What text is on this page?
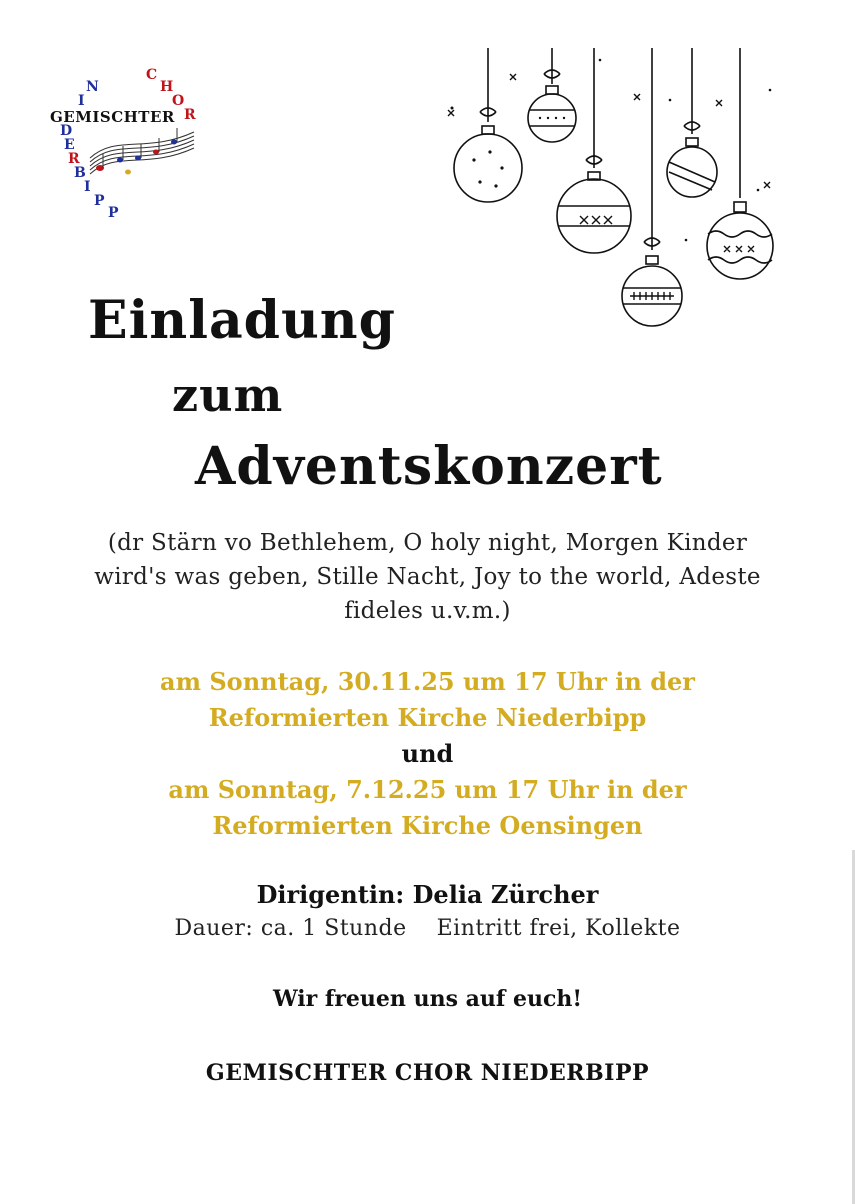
C
H
O
R
N
I
GEMISCHTER
D
E
R
B
I
P
P
Einladung
zum
Adventskonzert
(dr Stärn vo Bethlehem, O holy night, Morgen Kinder
wird's was geben, Stille Nacht, Joy to the world, Adeste
fideles u.v.m.)
am Sonntag, 30.11.25 um 17 Uhr in der
Reformierten Kirche Niederbipp
und
am Sonntag, 7.12.25 um 17 Uhr in der
Reformierten Kirche Oensingen
Dirigentin: Delia Zürcher
Dauer: ca. 1 Stunde Eintritt frei, Kollekte
Wir freuen uns auf euch!
GEMISCHTER CHOR NIEDERBIPP
